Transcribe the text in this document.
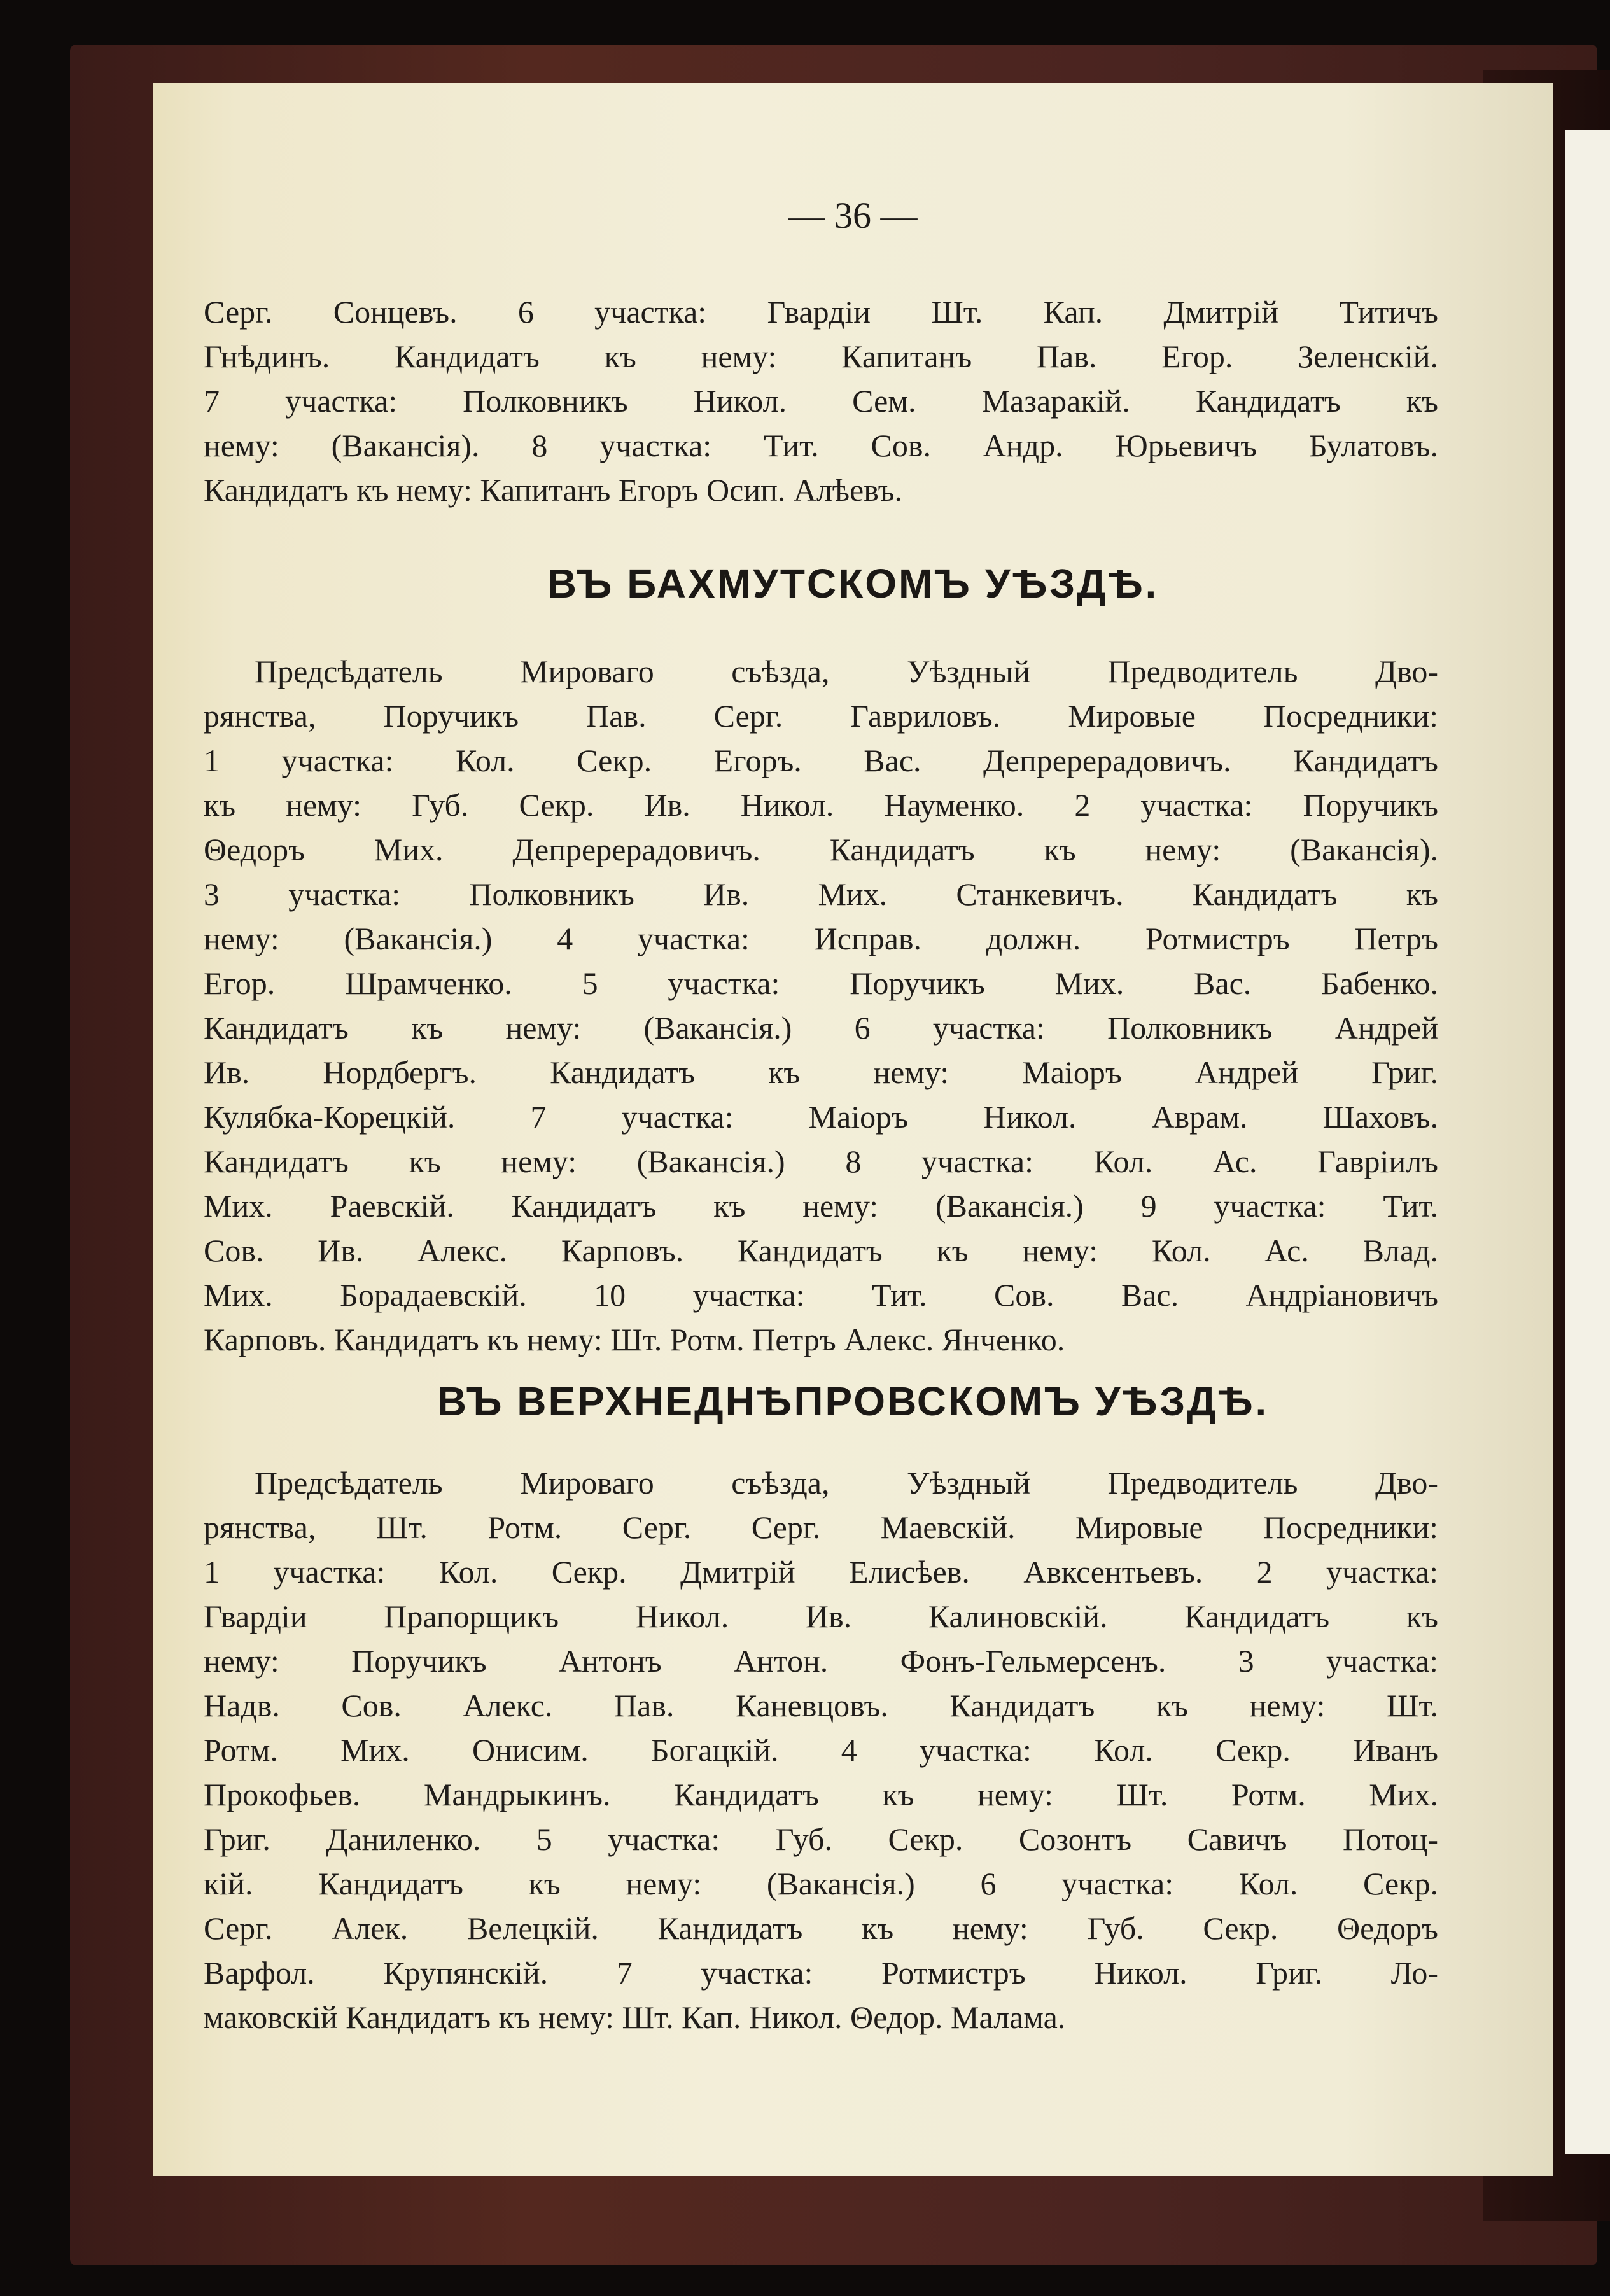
— 36 —
Серг. Сонцевъ. 6 участка: Гвардіи Шт. Кап. Дмитрій Титичъ
Гнѣдинъ. Кандидатъ къ нему: Капитанъ Пав. Егор. Зеленскій.
7 участка: Полковникъ Никол. Сем. Мазаракій. Кандидатъ къ
нему: (Вакансія). 8 участка: Тит. Сов. Андр. Юрьевичъ Булатовъ.
Кандидатъ къ нему: Капитанъ Егоръ Осип. Алѣевъ.
ВЪ БАХМУТСКОМЪ УѢЗДѢ.
Предсѣдатель Мироваго съѣзда, Уѣздный Предводитель Дво-
рянства, Поручикъ Пав. Серг. Гавриловъ. Мировые Посредники:
1 участка: Кол. Секр. Егоръ. Вас. Депререрадовичъ. Кандидатъ
къ нему: Губ. Секр. Ив. Никол. Науменко. 2 участка: Поручикъ
Θедоръ Мих. Депререрадовичъ. Кандидатъ къ нему: (Вакансія).
3 участка: Полковникъ Ив. Мих. Станкевичъ. Кандидатъ къ
нему: (Вакансія.) 4 участка: Исправ. должн. Ротмистръ Петръ
Егор. Шрамченко. 5 участка: Поручикъ Мих. Вас. Бабенко.
Кандидатъ къ нему: (Вакансія.) 6 участка: Полковникъ Андрей
Ив. Нордбергъ. Кандидатъ къ нему: Маіоръ Андрей Григ.
Кулябка-Корецкій. 7 участка: Маіоръ Никол. Аврам. Шаховъ.
Кандидатъ къ нему: (Вакансія.) 8 участка: Кол. Ас. Гавріилъ
Мих. Раевскій. Кандидатъ къ нему: (Вакансія.) 9 участка: Тит.
Сов. Ив. Алекс. Карповъ. Кандидатъ къ нему: Кол. Ас. Влад.
Мих. Борадаевскій. 10 участка: Тит. Сов. Вас. Андріановичъ
Карповъ. Кандидатъ къ нему: Шт. Ротм. Петръ Алекс. Янченко.
ВЪ ВЕРХНЕДНѢПРОВСКОМЪ УѢЗДѢ.
Предсѣдатель Мироваго съѣзда, Уѣздный Предводитель Дво-
рянства, Шт. Ротм. Серг. Серг. Маевскій. Мировые Посредники:
1 участка: Кол. Секр. Дмитрій Елисѣев. Авксентьевъ. 2 участка:
Гвардіи Прапорщикъ Никол. Ив. Калиновскій. Кандидатъ къ
нему: Поручикъ Антонъ Антон. Фонъ-Гельмерсенъ. 3 участка:
Надв. Сов. Алекс. Пав. Каневцовъ. Кандидатъ къ нему: Шт.
Ротм. Мих. Онисим. Богацкій. 4 участка: Кол. Секр. Иванъ
Прокофьев. Мандрыкинъ. Кандидатъ къ нему: Шт. Ротм. Мих.
Григ. Даниленко. 5 участка: Губ. Секр. Созонтъ Савичъ Потоц-
кій. Кандидатъ къ нему: (Вакансія.) 6 участка: Кол. Секр.
Серг. Алек. Велецкій. Кандидатъ къ нему: Губ. Секр. Θедоръ
Варфол. Крупянскій. 7 участка: Ротмистръ Никол. Григ. Ло-
маковскій Кандидатъ къ нему: Шт. Кап. Никол. Θедор. Малама.
